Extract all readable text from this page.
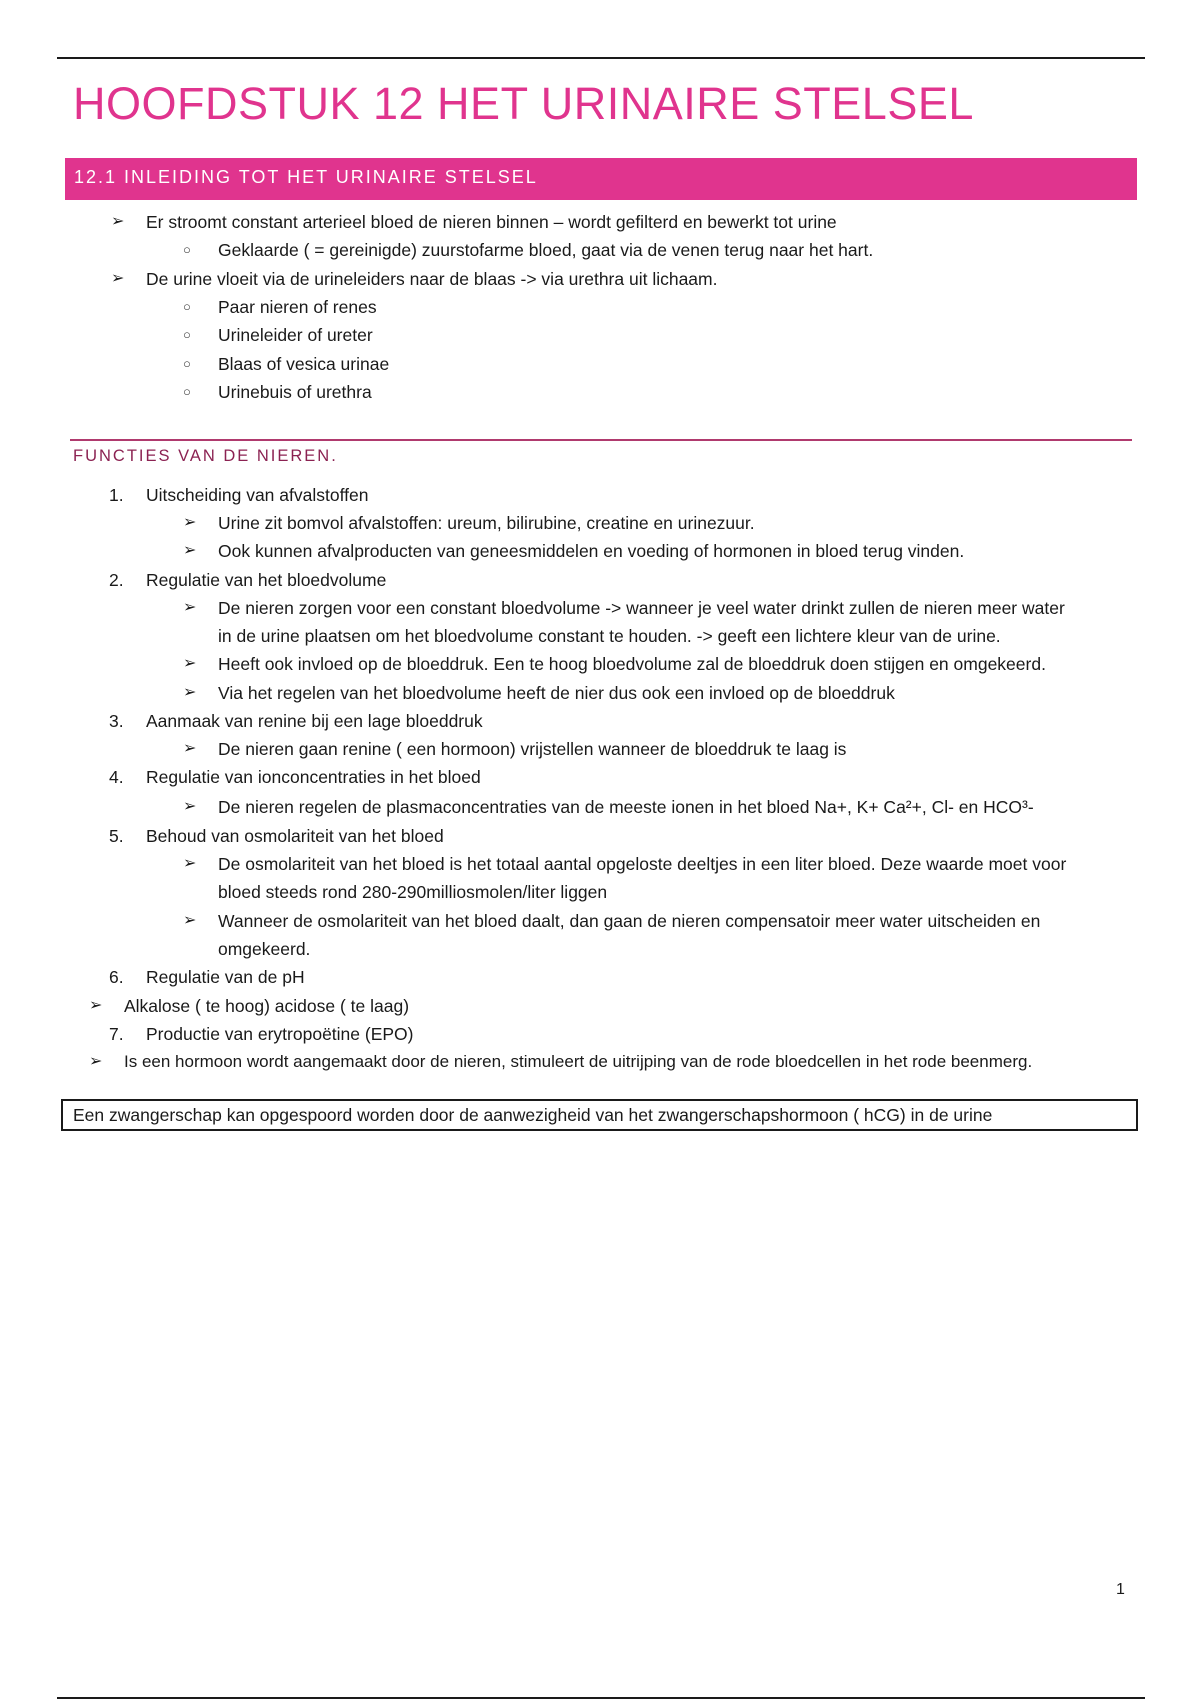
HOOFDSTUK 12 HET URINAIRE STELSEL
12.1 INLEIDING TOT HET URINAIRE STELSEL
➢ Er stroomt constant arterieel bloed de nieren binnen – wordt gefilterd en bewerkt tot urine
○ Geklaarde ( = gereinigde) zuurstofarme bloed, gaat via de venen terug naar het hart.
➢ De urine vloeit via de urineleiders naar de blaas -> via urethra uit lichaam.
○ Paar nieren of renes
○ Urineleider of ureter
○ Blaas of vesica urinae
○ Urinebuis of urethra
FUNCTIES VAN DE NIEREN.
1. Uitscheiding van afvalstoffen
➢ Urine zit bomvol afvalstoffen: ureum, bilirubine, creatine en urinezuur.
➢ Ook kunnen afvalproducten van geneesmiddelen en voeding of hormonen in bloed terug vinden.
2. Regulatie van het bloedvolume
➢ De nieren zorgen voor een constant bloedvolume -> wanneer je veel water drinkt zullen de nieren meer water
in de urine plaatsen om het bloedvolume constant te houden. -> geeft een lichtere kleur van de urine.
➢ Heeft ook invloed op de bloeddruk. Een te hoog bloedvolume zal de bloeddruk doen stijgen en omgekeerd.
➢ Via het regelen van het bloedvolume heeft de nier dus ook een invloed op de bloeddruk
3. Aanmaak van renine bij een lage bloeddruk
➢ De nieren gaan renine ( een hormoon) vrijstellen wanneer de bloeddruk te laag is
4. Regulatie van ionconcentraties in het bloed
➢ De nieren regelen de plasmaconcentraties van de meeste ionen in het bloed Na+, K+ Ca²+, Cl- en HCO³-
5. Behoud van osmolariteit van het bloed
➢ De osmolariteit van het bloed is het totaal aantal opgeloste deeltjes in een liter bloed. Deze waarde moet voor
bloed steeds rond 280-290milliosmolen/liter liggen
➢ Wanneer de osmolariteit van het bloed daalt, dan gaan de nieren compensatoir meer water uitscheiden en
omgekeerd.
6. Regulatie van de pH
➢ Alkalose ( te hoog) acidose ( te laag)
7. Productie van erytropoëtine (EPO)
➢ Is een hormoon wordt aangemaakt door de nieren, stimuleert de uitrijping van de rode bloedcellen in het rode beenmerg.
Een zwangerschap kan opgespoord worden door de aanwezigheid van het zwangerschapshormoon ( hCG) in de urine
1
